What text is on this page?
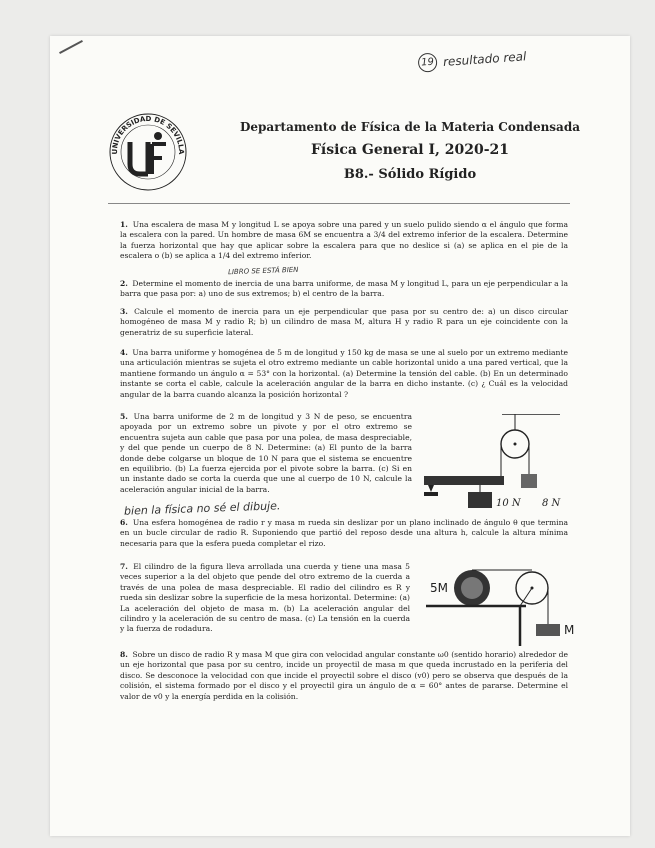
19 resultado real
UNIVERSIDAD DE SEVILLA
Departamento de Física de la Materia Condensada
Física General I, 2020-21
B8.- Sólido Rígido
1. Una escalera de masa M y longitud L se apoya sobre una pared y un suelo pulido siendo α el ángulo que forma la escalera con la pared. Un hombre de masa 6M se encuentra a 3/4 del extremo inferior de la escalera. Determine la fuerza horizontal que hay que aplicar sobre la escalera para que no deslice si (a) se aplica en el pie de la escalera o (b) se aplica a 1/4 del extremo inferior.
LIBRO SE ESTÁ BIEN
2. Determine el momento de inercia de una barra uniforme, de masa M y longitud L, para un eje perpendicular a la barra que pasa por: a) uno de sus extremos; b) el centro de la barra.
3. Calcule el momento de inercia para un eje perpendicular que pasa por su centro de: a) un disco circular homogéneo de masa M y radio R; b) un cilindro de masa M, altura H y radio R para un eje coincidente con la generatriz de su superficie lateral.
4. Una barra uniforme y homogénea de 5 m de longitud y 150 kg de masa se une al suelo por un extremo mediante una articulación mientras se sujeta el otro extremo mediante un cable horizontal unido a una pared vertical, que la mantiene formando un ángulo α = 53° con la horizontal. (a) Determine la tensión del cable. (b) En un determinado instante se corta el cable, calcule la aceleración angular de la barra en dicho instante. (c) ¿ Cuál es la velocidad angular de la barra cuando alcanza la posición horizontal ?
5. Una barra uniforme de 2 m de longitud y 3 N de peso, se encuentra apoyada por un extremo sobre un pivote y por el otro extremo se encuentra sujeta aun cable que pasa por una polea, de masa despreciable, y del que pende un cuerpo de 8 N. Determine: (a) El punto de la barra donde debe colgarse un bloque de 10 N para que el sistema se encuentre en equilibrio. (b) La fuerza ejercida por el pivote sobre la barra. (c) Si en un instante dado se corta la cuerda que une al cuerpo de 10 N, calcule la aceleración angular inicial de la barra.
10 N 8 N
bien la física no sé el dibuje.
6. Una esfera homogénea de radio r y masa m rueda sin deslizar por un plano inclinado de ángulo θ que termina en un bucle circular de radio R. Suponiendo que partió del reposo desde una altura h, calcule la altura mínima necesaria para que la esfera pueda completar el rizo.
7. El cilindro de la figura lleva arrollada una cuerda y tiene una masa 5 veces superior a la del objeto que pende del otro extremo de la cuerda a través de una polea de masa despreciable. El radio del cilindro es R y rueda sin deslizar sobre la superficie de la mesa horizontal. Determine: (a) La aceleración del objeto de masa m. (b) La aceleración angular del cilindro y la aceleración de su centro de masa. (c) La tensión en la cuerda y la fuerza de rodadura.
5M
M
8. Sobre un disco de radio R y masa M que gira con velocidad angular constante ω0 (sentido horario) alrededor de un eje horizontal que pasa por su centro, incide un proyectil de masa m que queda incrustado en la periferia del disco. Se desconoce la velocidad con que incide el proyectil sobre el disco (v0) pero se observa que después de la colisión, el sistema formado por el disco y el proyectil gira un ángulo de α = 60° antes de pararse. Determine el valor de v0 y la energía perdida en la colisión.
